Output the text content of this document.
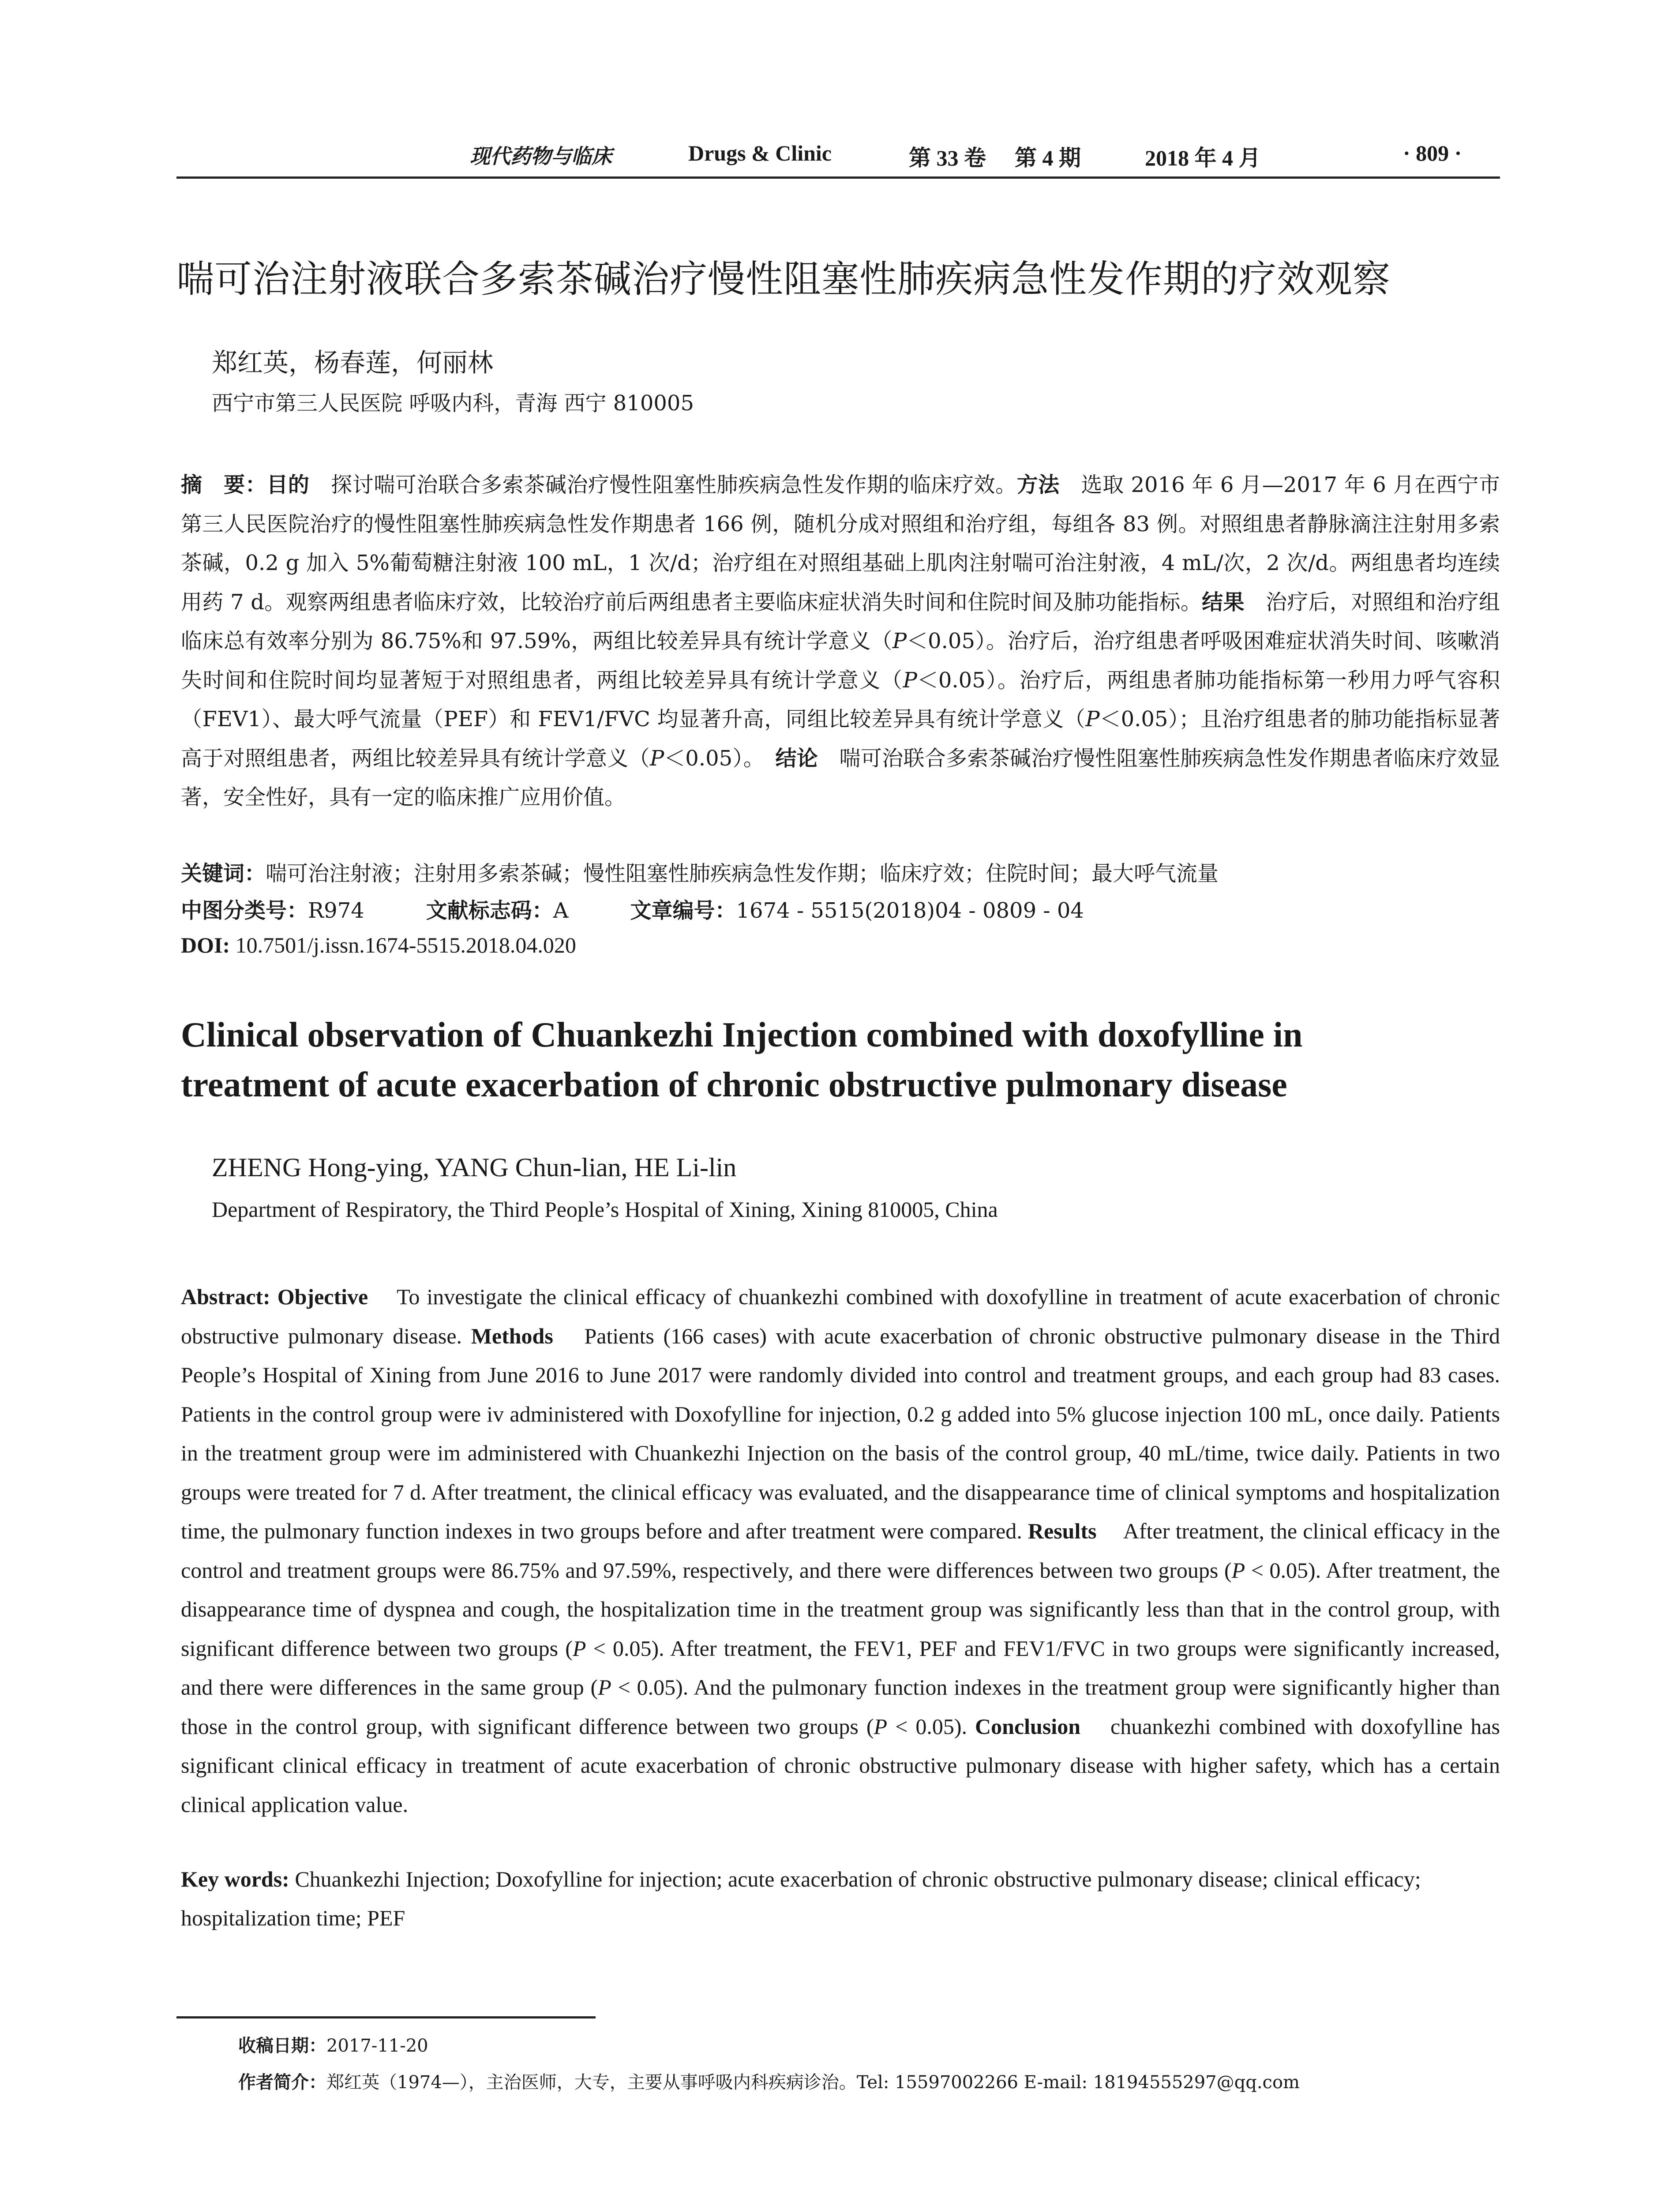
现代药物与临床	Drugs & Clinic	第 33 卷 第 4 期	2018 年 4 月	· 809 ·
喘可治注射液联合多索茶碱治疗慢性阻塞性肺疾病急性发作期的疗效观察
郑红英，杨春莲，何丽林
西宁市第三人民医院 呼吸内科，青海 西宁 810005
摘　要：目的  探讨喘可治联合多索茶碱治疗慢性阻塞性肺疾病急性发作期的临床疗效。方法  选取 2016 年 6 月—2017 年 6 月在西宁市第三人民医院治疗的慢性阻塞性肺疾病急性发作期患者 166 例，随机分成对照组和治疗组，每组各 83 例。对照组患者静脉滴注注射用多索茶碱，0.2 g 加入 5%葡萄糖注射液 100 mL，1 次/d；治疗组在对照组基础上肌肉注射喘可治注射液，4 mL/次，2 次/d。两组患者均连续用药 7 d。观察两组患者临床疗效，比较治疗前后两组患者主要临床症状消失时间和住院时间及肺功能指标。结果  治疗后，对照组和治疗组临床总有效率分别为 86.75%和 97.59%，两组比较差异具有统计学意义（P＜0.05）。治疗后，治疗组患者呼吸困难症状消失时间、咳嗽消失时间和住院时间均显著短于对照组患者，两组比较差异具有统计学意义（P＜0.05）。治疗后，两组患者肺功能指标第一秒用力呼气容积（FEV1）、最大呼气流量（PEF）和 FEV1/FVC 均显著升高，同组比较差异具有统计学意义（P＜0.05）；且治疗组患者的肺功能指标显著高于对照组患者，两组比较差异具有统计学意义（P＜0.05）。  结论  喘可治联合多索茶碱治疗慢性阻塞性肺疾病急性发作期患者临床疗效显著，安全性好，具有一定的临床推广应用价值。
关键词：喘可治注射液；注射用多索茶碱；慢性阻塞性肺疾病急性发作期；临床疗效；住院时间；最大呼气流量
中图分类号：R974	文献标志码：A	文章编号：1674 - 5515(2018)04 - 0809 - 04
DOI: 10.7501/j.issn.1674-5515.2018.04.020
Clinical observation of Chuankezhi Injection combined with doxofylline in
treatment of acute exacerbation of chronic obstructive pulmonary disease
ZHENG Hong-ying, YANG Chun-lian, HE Li-lin
Department of Respiratory, the Third People’s Hospital of Xining, Xining 810005, China
Abstract: Objective  To investigate the clinical efficacy of chuankezhi combined with doxofylline in treatment of acute exacerbation of chronic obstructive pulmonary disease. Methods  Patients (166 cases) with acute exacerbation of chronic obstructive pulmonary disease in the Third People’s Hospital of Xining from June 2016 to June 2017 were randomly divided into control and treatment groups, and each group had 83 cases. Patients in the control group were iv administered with Doxofylline for injection, 0.2 g added into 5% glucose injection 100 mL, once daily. Patients in the treatment group were im administered with Chuankezhi Injection on the basis of the control group, 40 mL/time, twice daily. Patients in two groups were treated for 7 d. After treatment, the clinical efficacy was evaluated, and the disappearance time of clinical symptoms and hospitalization time, the pulmonary function indexes in two groups before and after treatment were compared. Results  After treatment, the clinical efficacy in the control and treatment groups were 86.75% and 97.59%, respectively, and there were differences between two groups (P < 0.05). After treatment, the disappearance time of dyspnea and cough, the hospitalization time in the treatment group was significantly less than that in the control group, with significant difference between two groups (P < 0.05). After treatment, the FEV1, PEF and FEV1/FVC in two groups were significantly increased, and there were differences in the same group (P < 0.05). And the pulmonary function indexes in the treatment group were significantly higher than those in the control group, with significant difference between two groups (P < 0.05). Conclusion  chuankezhi combined with doxofylline has significant clinical efficacy in treatment of acute exacerbation of chronic obstructive pulmonary disease with higher safety, which has a certain clinical application value.
Key words: Chuankezhi Injection; Doxofylline for injection; acute exacerbation of chronic obstructive pulmonary disease; clinical efficacy; hospitalization time; PEF
收稿日期：2017-11-20
作者简介：郑红英（1974—），主治医师，大专，主要从事呼吸内科疾病诊治。Tel: 15597002266 E-mail: 18194555297@qq.com
